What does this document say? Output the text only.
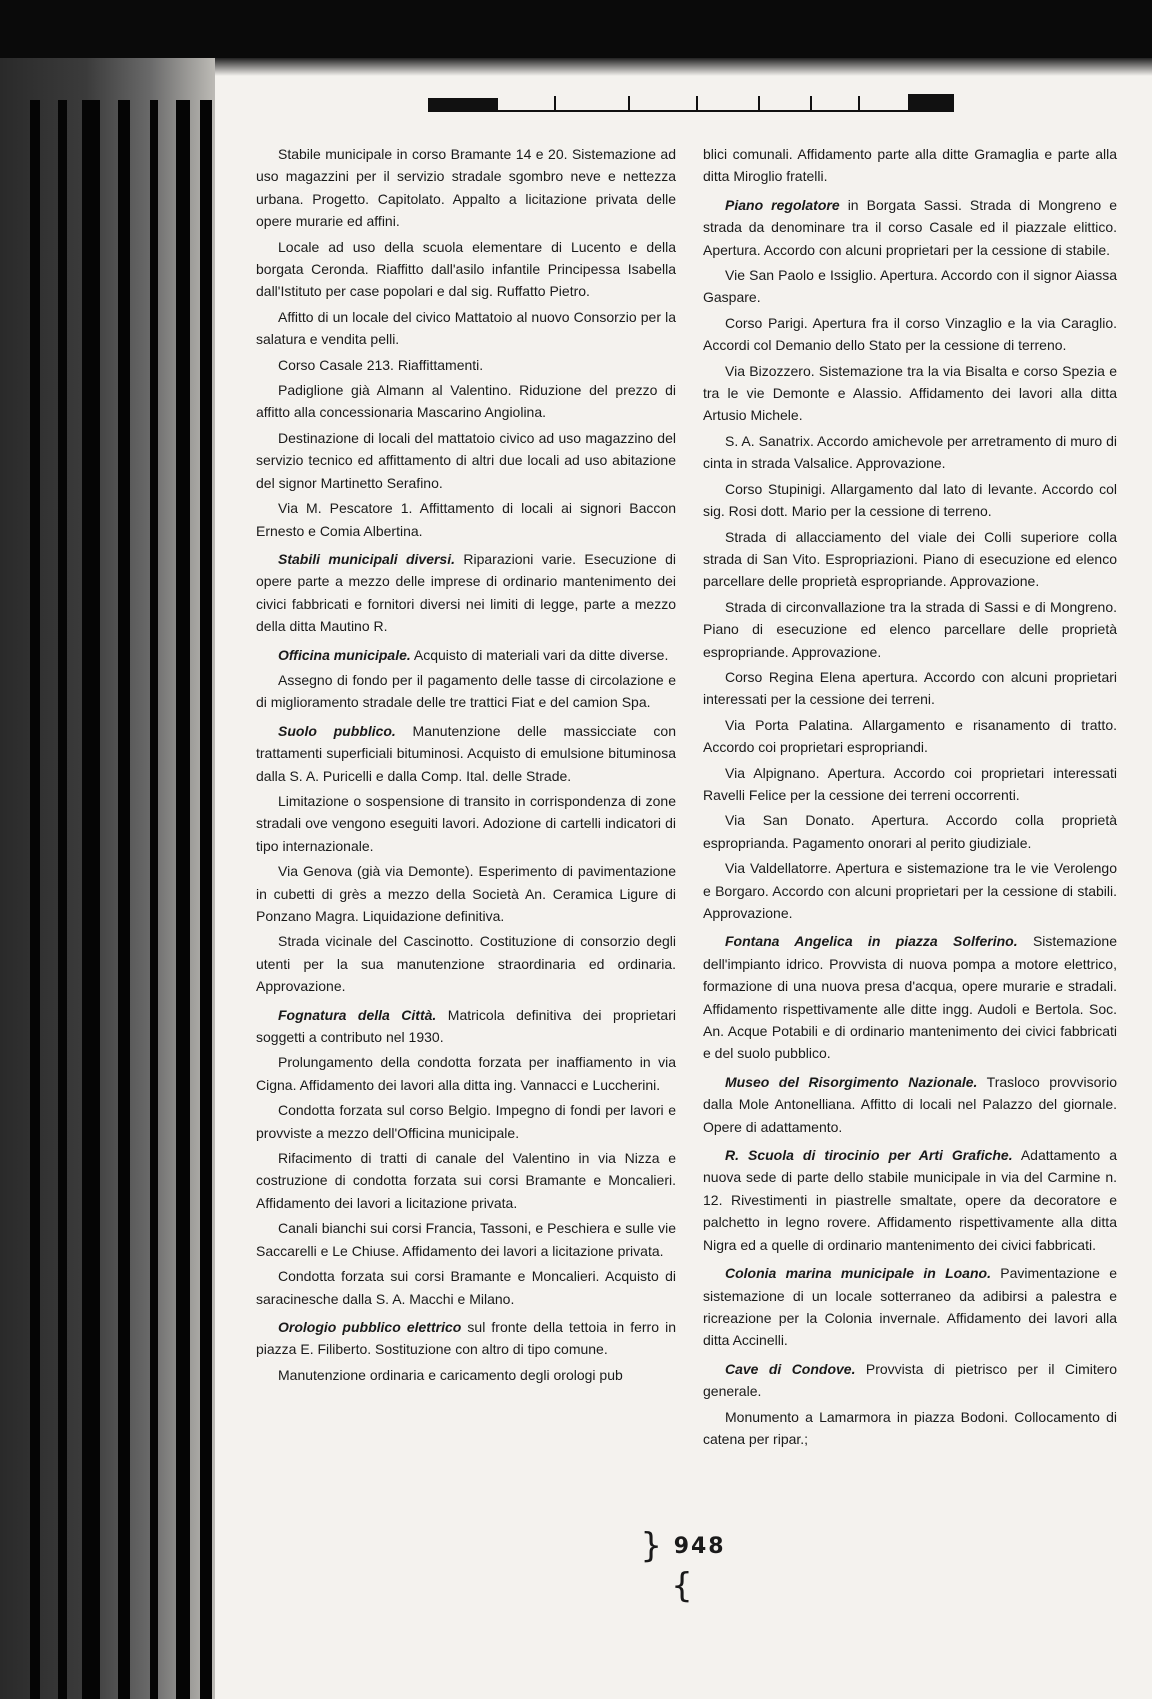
Stabile municipale in corso Bramante 14 e 20. Sistemazione ad uso magazzini per il servizio stradale sgombro neve e nettezza urbana. Progetto. Capitolato. Appalto a licitazione privata delle opere murarie ed affini.

Locale ad uso della scuola elementare di Lucento e della borgata Ceronda. Riaffitto dall'asilo infantile Principessa Isabella dall'Istituto per case popolari e dal sig. Ruffatto Pietro.

Affitto di un locale del civico Mattatoio al nuovo Consorzio per la salatura e vendita pelli.

Corso Casale 213. Riaffittamenti.

Padiglione già Almann al Valentino. Riduzione del prezzo di affitto alla concessionaria Mascarino Angiolina.

Destinazione di locali del mattatoio civico ad uso magazzino del servizio tecnico ed affittamento di altri due locali ad uso abitazione del signor Martinetto Serafino.

Via M. Pescatore 1. Affittamento di locali ai signori Baccon Ernesto e Comia Albertina.

Stabili municipali diversi. Riparazioni varie. Esecuzione di opere parte a mezzo delle imprese di ordinario mantenimento dei civici fabbricati e fornitori diversi nei limiti di legge, parte a mezzo della ditta Mautino R.

Officina municipale. Acquisto di materiali vari da ditte diverse.

Assegno di fondo per il pagamento delle tasse di circolazione e di miglioramento stradale delle tre trattici Fiat e del camion Spa.

Suolo pubblico. Manutenzione delle massicciate con trattamenti superficiali bituminosi. Acquisto di emulsione bituminosa dalla S. A. Puricelli e dalla Comp. Ital. delle Strade.

Limitazione o sospensione di transito in corrispondenza di zone stradali ove vengono eseguiti lavori. Adozione di cartelli indicatori di tipo internazionale.

Via Genova (già via Demonte). Esperimento di pavimentazione in cubetti di grès a mezzo della Società An. Ceramica Ligure di Ponzano Magra. Liquidazione definitiva.

Strada vicinale del Cascinotto. Costituzione di consorzio degli utenti per la sua manutenzione straordinaria ed ordinaria. Approvazione.

Fognatura della Città. Matricola definitiva dei proprietari soggetti a contributo nel 1930.

Prolungamento della condotta forzata per inaffiamento in via Cigna. Affidamento dei lavori alla ditta ing. Vannacci e Luccherini.

Condotta forzata sul corso Belgio. Impegno di fondi per lavori e provviste a mezzo dell'Officina municipale.

Rifacimento di tratti di canale del Valentino in via Nizza e costruzione di condotta forzata sui corsi Bramante e Moncalieri. Affidamento dei lavori a licitazione privata.

Canali bianchi sui corsi Francia, Tassoni, e Peschiera e sulle vie Saccarelli e Le Chiuse. Affidamento dei lavori a licitazione privata.

Condotta forzata sui corsi Bramante e Moncalieri. Acquisto di saracinesche dalla S. A. Macchi e Milano.

Orologio pubblico elettrico sul fronte della tettoia in ferro in piazza E. Filiberto. Sostituzione con altro di tipo comune.

Manutenzione ordinaria e caricamento degli orologi pub

blici comunali. Affidamento parte alla ditte Gramaglia e parte alla ditta Miroglio fratelli.

Piano regolatore in Borgata Sassi. Strada di Mongreno e strada da denominare tra il corso Casale ed il piazzale elittico. Apertura. Accordo con alcuni proprietari per la cessione di stabile.

Vie San Paolo e Issiglio. Apertura. Accordo con il signor Aiassa Gaspare.

Corso Parigi. Apertura fra il corso Vinzaglio e la via Caraglio. Accordi col Demanio dello Stato per la cessione di terreno.

Via Bizozzero. Sistemazione tra la via Bisalta e corso Spezia e tra le vie Demonte e Alassio. Affidamento dei lavori alla ditta Artusio Michele.

S. A. Sanatrix. Accordo amichevole per arretramento di muro di cinta in strada Valsalice. Approvazione.

Corso Stupinigi. Allargamento dal lato di levante. Accordo col sig. Rosi dott. Mario per la cessione di terreno.

Strada di allacciamento del viale dei Colli superiore colla strada di San Vito. Espropriazioni. Piano di esecuzione ed elenco parcellare delle proprietà espropriande. Approvazione.

Strada di circonvallazione tra la strada di Sassi e di Mongreno. Piano di esecuzione ed elenco parcellare delle proprietà espropriande. Approvazione.

Corso Regina Elena apertura. Accordo con alcuni proprietari interessati per la cessione dei terreni.

Via Porta Palatina. Allargamento e risanamento di tratto. Accordo coi proprietari espropriandi.

Via Alpignano. Apertura. Accordo coi proprietari interessati Ravelli Felice per la cessione dei terreni occorrenti.

Via San Donato. Apertura. Accordo colla proprietà esproprianda. Pagamento onorari al perito giudiziale.

Via Valdellatorre. Apertura e sistemazione tra le vie Verolengo e Borgaro. Accordo con alcuni proprietari per la cessione di stabili. Approvazione.

Fontana Angelica in piazza Solferino. Sistemazione dell'impianto idrico. Provvista di nuova pompa a motore elettrico, formazione di una nuova presa d'acqua, opere murarie e stradali. Affidamento rispettivamente alle ditte ingg. Audoli e Bertola. Soc. An. Acque Potabili e di ordinario mantenimento dei civici fabbricati e del suolo pubblico.

Museo del Risorgimento Nazionale. Trasloco provvisorio dalla Mole Antonelliana. Affitto di locali nel Palazzo del giornale. Opere di adattamento.

R. Scuola di tirocinio per Arti Grafiche. Adattamento a nuova sede di parte dello stabile municipale in via del Carmine n. 12. Rivestimenti in piastrelle smaltate, opere da decoratore e palchetto in legno rovere. Affidamento rispettivamente alla ditta Nigra ed a quelle di ordinario mantenimento dei civici fabbricati.

Colonia marina municipale in Loano. Pavimentazione e sistemazione di un locale sotterraneo da adibirsi a palestra e ricreazione per la Colonia invernale. Affidamento dei lavori alla ditta Accinelli.

Cave di Condove. Provvista di pietrisco per il Cimitero generale.

Monumento a Lamarmora in piazza Bodoni. Collocamento di catena per ripar.;

} 948 {
